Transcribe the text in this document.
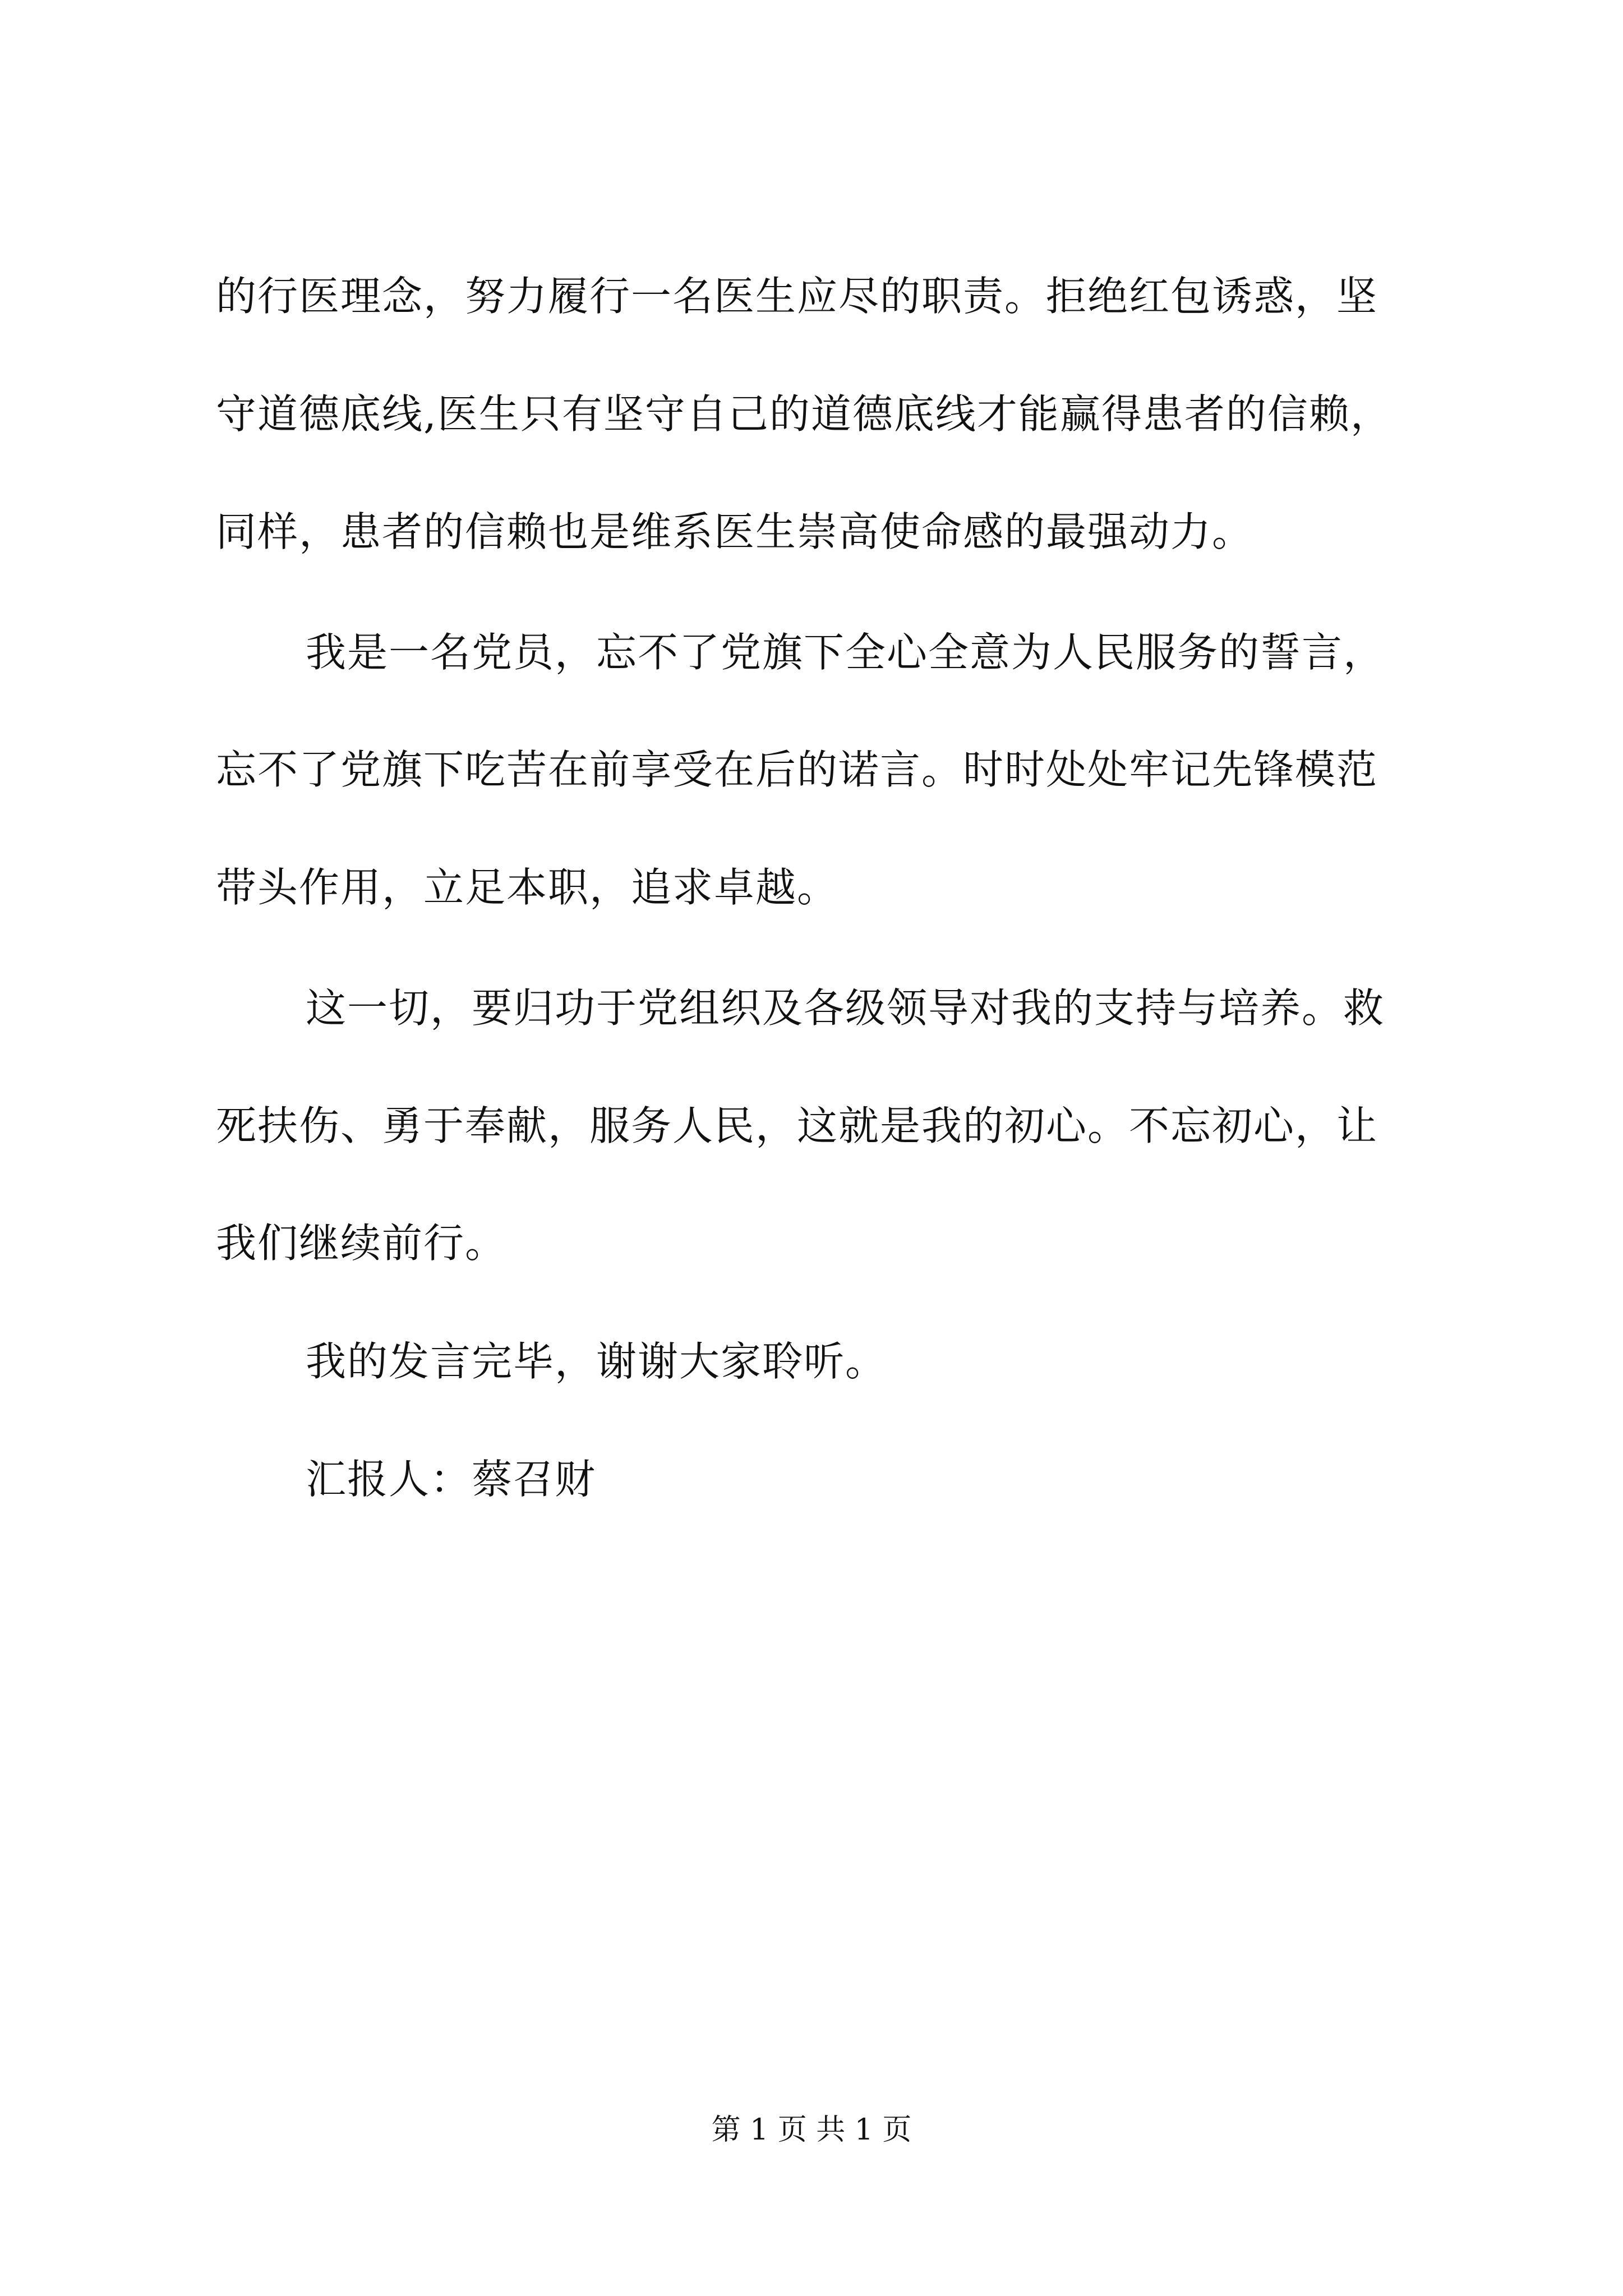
的行医理念，努力履行一名医生应尽的职责。拒绝红包诱惑，坚
守道德底线,医生只有坚守自己的道德底线才能赢得患者的信赖，
同样，患者的信赖也是维系医生崇高使命感的最强动力。
我是一名党员，忘不了党旗下全心全意为人民服务的誓言，
忘不了党旗下吃苦在前享受在后的诺言。时时处处牢记先锋模范
带头作用，立足本职，追求卓越。
这一切，要归功于党组织及各级领导对我的支持与培养。救
死扶伤、勇于奉献，服务人民，这就是我的初心。不忘初心，让
我们继续前行。
我的发言完毕，谢谢大家聆听。
汇报人：蔡召财
第 1 页 共 1 页
